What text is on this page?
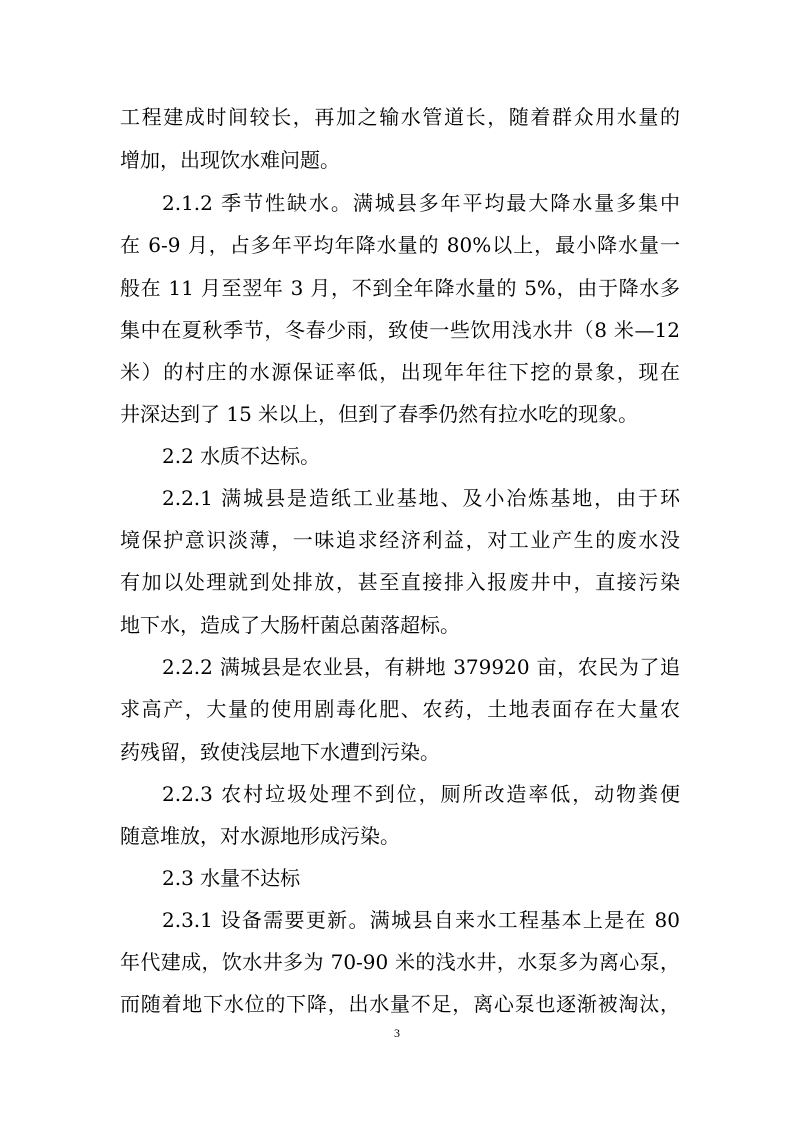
工程建成时间较长，再加之输水管道长，随着群众用水量的
增加，出现饮水难问题。
2.1.2 季节性缺水。满城县多年平均最大降水量多集中
在 6-9 月，占多年平均年降水量的 80%以上，最小降水量一
般在 11 月至翌年 3 月，不到全年降水量的 5%，由于降水多
集中在夏秋季节，冬春少雨，致使一些饮用浅水井（8 米—12
米）的村庄的水源保证率低，出现年年往下挖的景象，现在
井深达到了 15 米以上，但到了春季仍然有拉水吃的现象。
2.2 水质不达标。
2.2.1 满城县是造纸工业基地、及小冶炼基地，由于环
境保护意识淡薄，一味追求经济利益，对工业产生的废水没
有加以处理就到处排放，甚至直接排入报废井中，直接污染
地下水，造成了大肠杆菌总菌落超标。
2.2.2 满城县是农业县，有耕地 379920 亩，农民为了追
求高产，大量的使用剧毒化肥、农药，土地表面存在大量农
药残留，致使浅层地下水遭到污染。
2.2.3 农村垃圾处理不到位，厕所改造率低，动物粪便
随意堆放，对水源地形成污染。
2.3 水量不达标
2.3.1 设备需要更新。满城县自来水工程基本上是在 80
年代建成，饮水井多为 70-90 米的浅水井，水泵多为离心泵，
而随着地下水位的下降，出水量不足，离心泵也逐渐被淘汰，
3
